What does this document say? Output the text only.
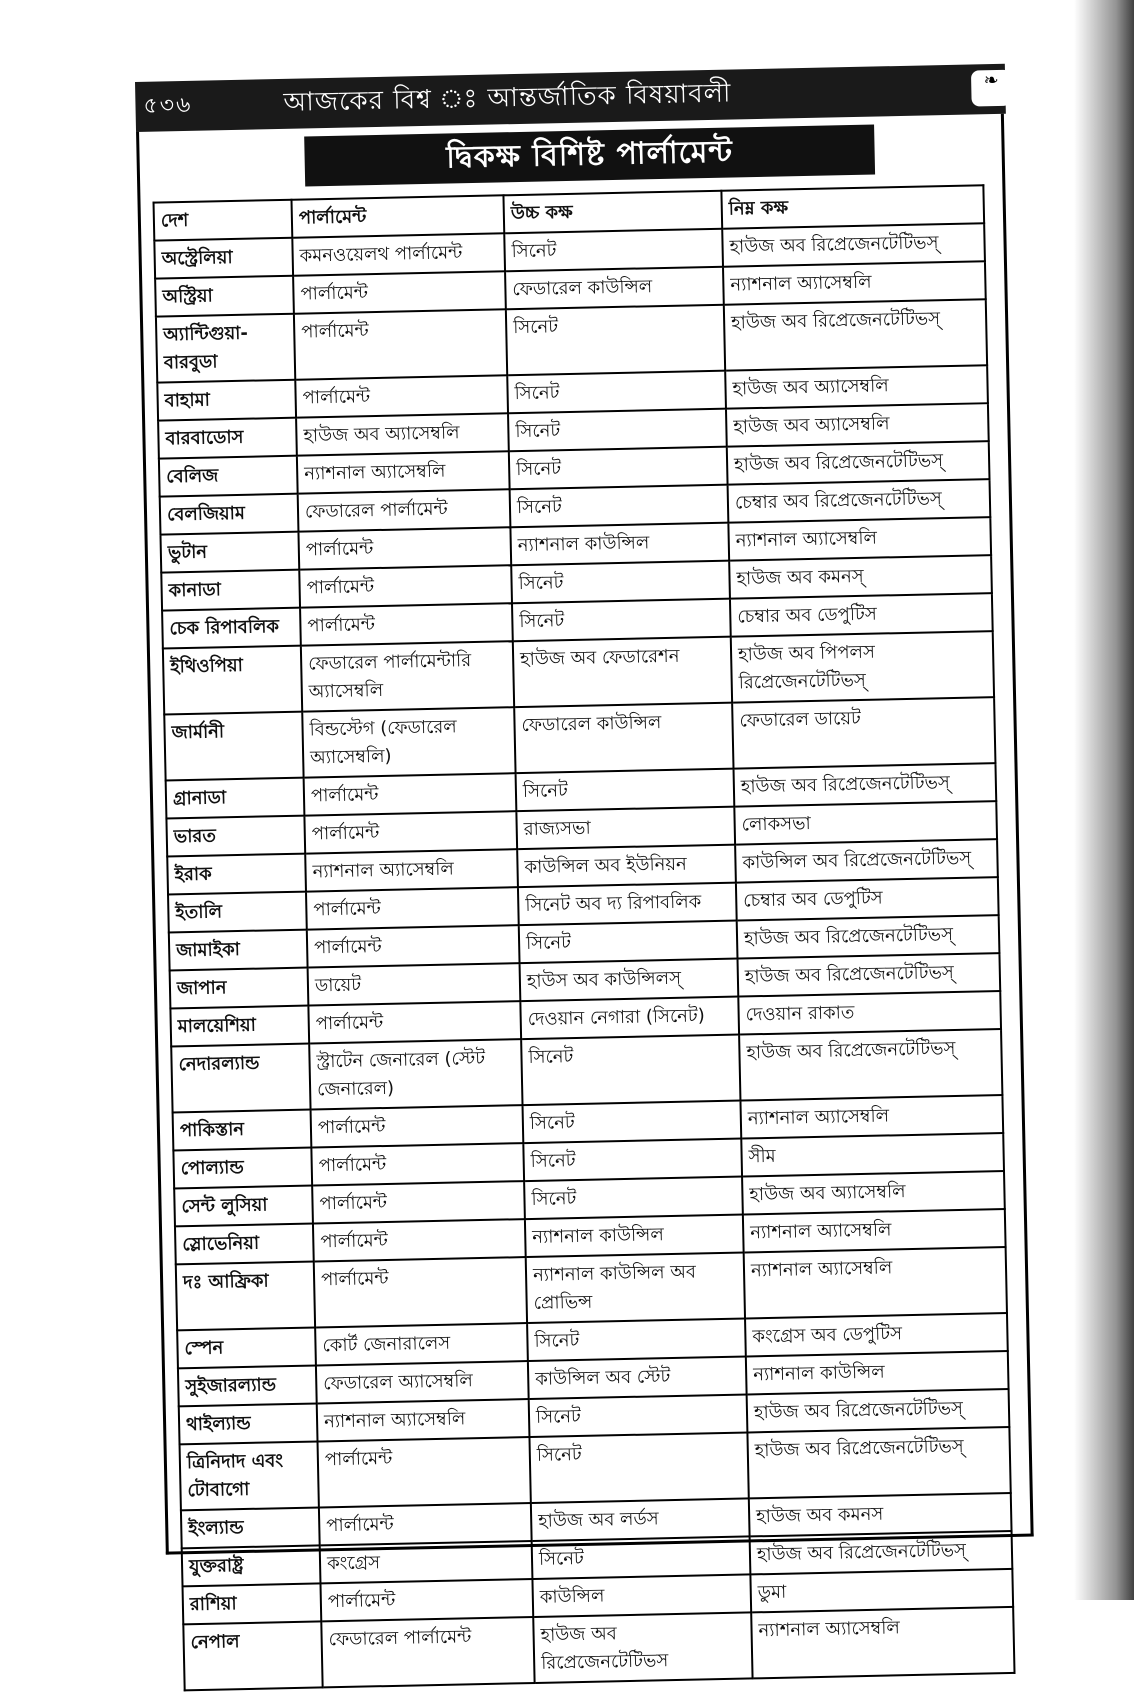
৫৩৬	আজকের বিশ্ব ঃ আন্তর্জাতিক বিষয়াবলী	❧
দ্বিকক্ষ বিশিষ্ট পার্লামেন্ট
দেশ	পার্লামেন্ট	উচ্চ কক্ষ	নিম্ন কক্ষ
অস্ট্রেলিয়া	কমনওয়েলথ পার্লামেন্ট	সিনেট	হাউজ অব রিপ্রেজেনটেটিভস্
অস্ট্রিয়া	পার্লামেন্ট	ফেডারেল কাউন্সিল	ন্যাশনাল অ্যাসেম্বলি
অ্যান্টিগুয়া-বারবুডা	পার্লামেন্ট	সিনেট	হাউজ অব রিপ্রেজেনটেটিভস্
বাহামা	পার্লামেন্ট	সিনেট	হাউজ অব অ্যাসেম্বলি
বারবাডোস	হাউজ অব অ্যাসেম্বলি	সিনেট	হাউজ অব অ্যাসেম্বলি
বেলিজ	ন্যাশনাল অ্যাসেম্বলি	সিনেট	হাউজ অব রিপ্রেজেনটেটিভস্
বেলজিয়াম	ফেডারেল পার্লামেন্ট	সিনেট	চেম্বার অব রিপ্রেজেনটেটিভস্
ভুটান	পার্লামেন্ট	ন্যাশনাল কাউন্সিল	ন্যাশনাল অ্যাসেম্বলি
কানাডা	পার্লামেন্ট	সিনেট	হাউজ অব কমনস্
চেক রিপাবলিক	পার্লামেন্ট	সিনেট	চেম্বার অব ডেপুটিস
ইথিওপিয়া	ফেডারেল পার্লামেন্টারি অ্যাসেম্বলি	হাউজ অব ফেডারেশন	হাউজ অব পিপলস রিপ্রেজেনটেটিভস্
জার্মানী	বিন্ডস্টেগ (ফেডারেল অ্যাসেম্বলি)	ফেডারেল কাউন্সিল	ফেডারেল ডায়েট
গ্রানাডা	পার্লামেন্ট	সিনেট	হাউজ অব রিপ্রেজেনটেটিভস্
ভারত	পার্লামেন্ট	রাজ্যসভা	লোকসভা
ইরাক	ন্যাশনাল অ্যাসেম্বলি	কাউন্সিল অব ইউনিয়ন	কাউন্সিল অব রিপ্রেজেনটেটিভস্
ইতালি	পার্লামেন্ট	সিনেট অব দ্য রিপাবলিক	চেম্বার অব ডেপুটিস
জামাইকা	পার্লামেন্ট	সিনেট	হাউজ অব রিপ্রেজেনটেটিভস্
জাপান	ডায়েট	হাউস অব কাউন্সিলস্	হাউজ অব রিপ্রেজেনটেটিভস্
মালয়েশিয়া	পার্লামেন্ট	দেওয়ান নেগারা (সিনেট)	দেওয়ান রাকাত
নেদারল্যান্ড	স্ট্রাটেন জেনারেল (স্টেট জেনারেল)	সিনেট	হাউজ অব রিপ্রেজেনটেটিভস্
পাকিস্তান	পার্লামেন্ট	সিনেট	ন্যাশনাল অ্যাসেম্বলি
পোল্যান্ড	পার্লামেন্ট	সিনেট	সীম
সেন্ট লুসিয়া	পার্লামেন্ট	সিনেট	হাউজ অব অ্যাসেম্বলি
স্লোভেনিয়া	পার্লামেন্ট	ন্যাশনাল কাউন্সিল	ন্যাশনাল অ্যাসেম্বলি
দঃ আফ্রিকা	পার্লামেন্ট	ন্যাশনাল কাউন্সিল অব প্রোভিন্স	ন্যাশনাল অ্যাসেম্বলি
স্পেন	কোর্ট জেনারালেস	সিনেট	কংগ্রেস অব ডেপুটিস
সুইজারল্যান্ড	ফেডারেল অ্যাসেম্বলি	কাউন্সিল অব স্টেট	ন্যাশনাল কাউন্সিল
থাইল্যান্ড	ন্যাশনাল অ্যাসেম্বলি	সিনেট	হাউজ অব রিপ্রেজেনটেটিভস্
ত্রিনিদাদ এবং টোবাগো	পার্লামেন্ট	সিনেট	হাউজ অব রিপ্রেজেনটেটিভস্
ইংল্যান্ড	পার্লামেন্ট	হাউজ অব লর্ডস	হাউজ অব কমনস
যুক্তরাষ্ট্র	কংগ্রেস	সিনেট	হাউজ অব রিপ্রেজেনটেটিভস্
রাশিয়া	পার্লামেন্ট	কাউন্সিল	ডুমা
নেপাল	ফেডারেল পার্লামেন্ট	হাউজ অব রিপ্রেজেনটেটিভস	ন্যাশনাল অ্যাসেম্বলি
